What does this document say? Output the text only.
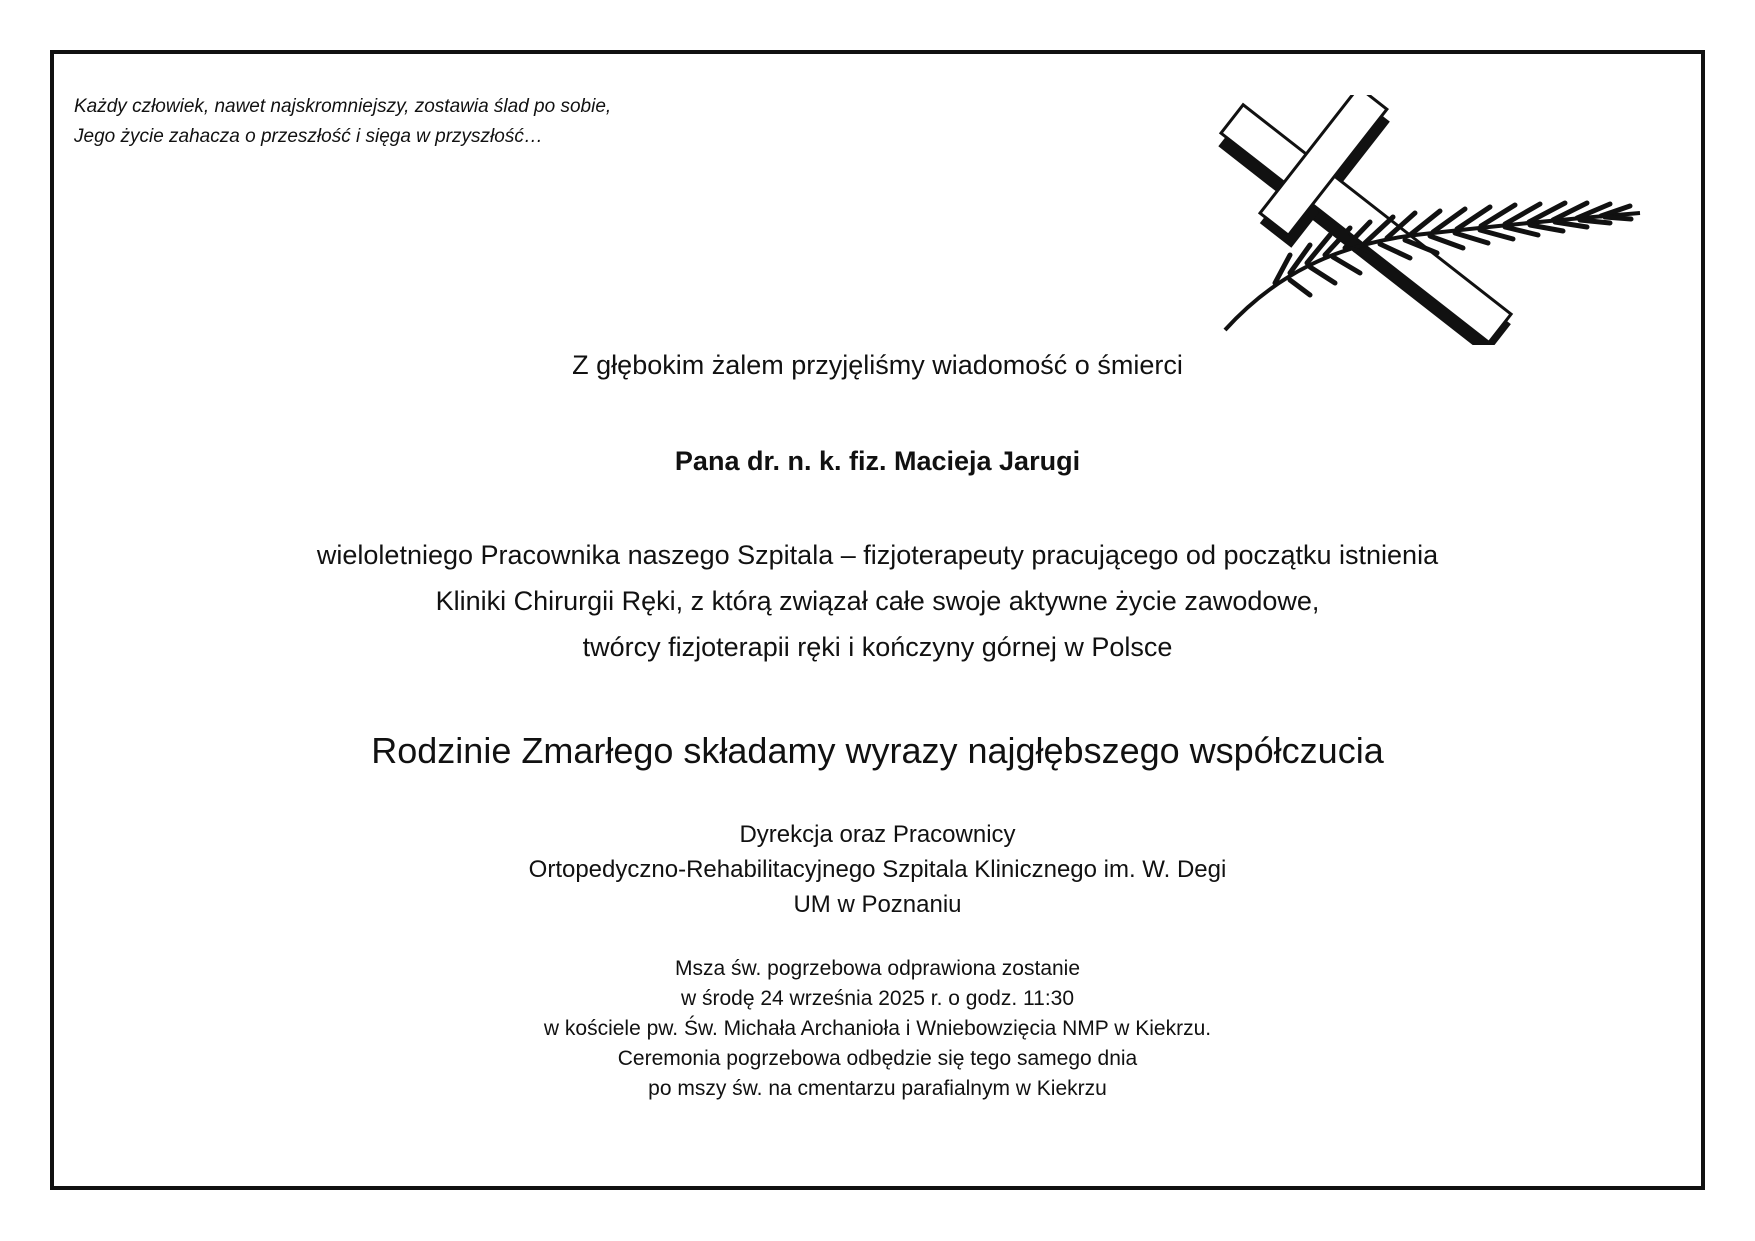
Każdy człowiek, nawet najskromniejszy, zostawia ślad po sobie,
Jego życie zahacza o przeszłość i sięga w przyszłość…
Z głębokim żalem przyjęliśmy wiadomość o śmierci
Pana dr. n. k. fiz. Macieja Jarugi
wieloletniego Pracownika naszego Szpitala – fizjoterapeuty pracującego od początku istnienia
Kliniki Chirurgii Ręki, z którą związał całe swoje aktywne życie zawodowe,
twórcy fizjoterapii ręki i kończyny górnej w Polsce
Rodzinie Zmarłego składamy wyrazy najgłębszego współczucia
Dyrekcja oraz Pracownicy
Ortopedyczno-Rehabilitacyjnego Szpitala Klinicznego im. W. Degi
UM w Poznaniu
Msza św. pogrzebowa odprawiona zostanie
w środę 24 września 2025 r. o godz. 11:30
w kościele pw. Św. Michała Archanioła i Wniebowzięcia NMP w Kiekrzu.
Ceremonia pogrzebowa odbędzie się tego samego dnia
po mszy św. na cmentarzu parafialnym w Kiekrzu
